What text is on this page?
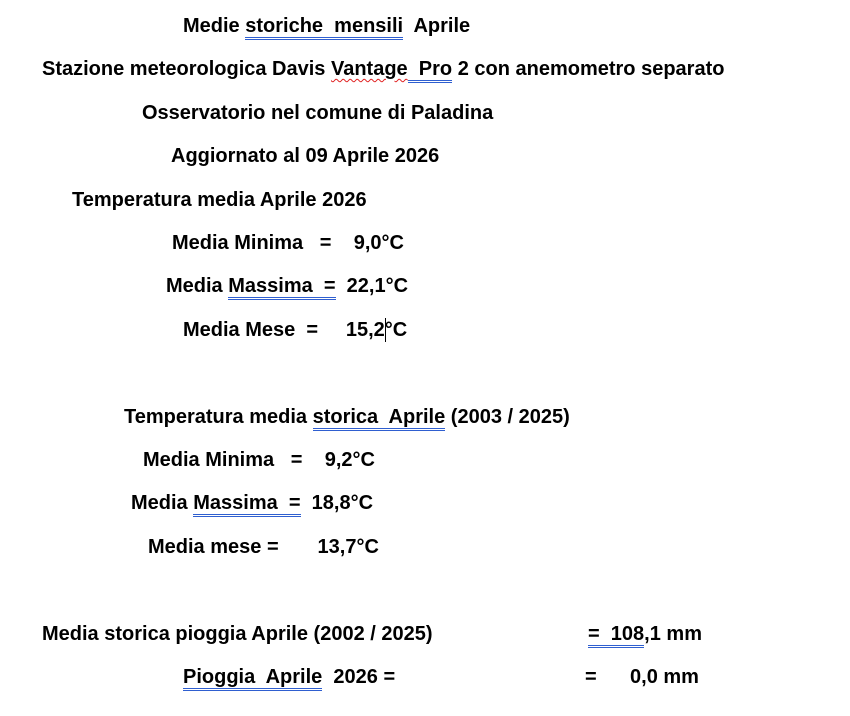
Medie storiche  mensili  Aprile
Stazione meteorologica Davis Vantage  Pro 2 con anemometro separato
Osservatorio nel comune di Paladina
Aggiornato al 09 Aprile 2026
Temperatura media Aprile 2026
Media Minima   =    9,0°C
Media Massima  =  22,1°C
Media Mese  =     15,2°C
Temperatura media storica  Aprile (2003 / 2025)
Media Minima   =    9,2°C
Media Massima  =  18,8°C
Media mese =       13,7°C
Media storica pioggia Aprile (2002 / 2025)	=  108,1 mm
Pioggia  Aprile  2026 =	=      0,0 mm
